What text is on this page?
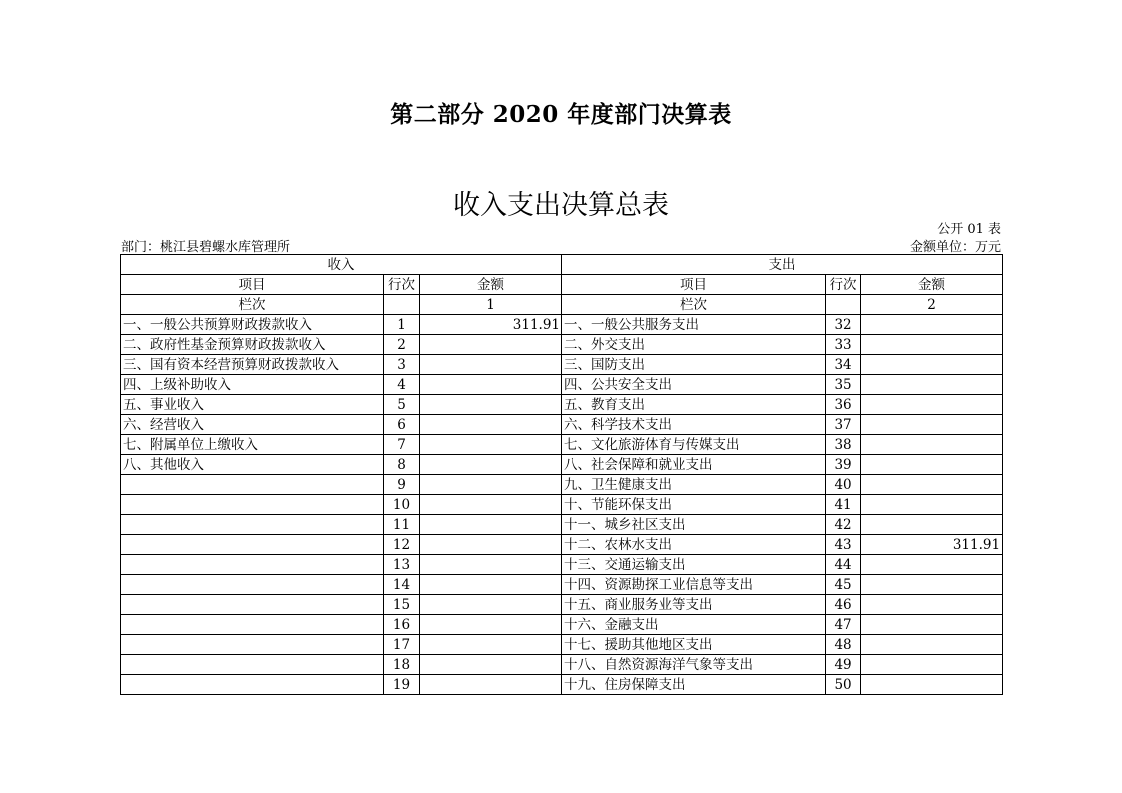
第二部分 2020 年度部门决算表
收入支出决算总表
公开 01 表
部门：桃江县碧螺水库管理所	金额单位：万元
收入			支出		
项目	行次	金额	项目	行次	金额
栏次		1	栏次		2
一、一般公共预算财政拨款收入	1	311.91	一、一般公共服务支出	32	
二、政府性基金预算财政拨款收入	2		二、外交支出	33	
三、国有资本经营预算财政拨款收入	3		三、国防支出	34	
四、上级补助收入	4		四、公共安全支出	35	
五、事业收入	5		五、教育支出	36	
六、经营收入	6		六、科学技术支出	37	
七、附属单位上缴收入	7		七、文化旅游体育与传媒支出	38	
八、其他收入	8		八、社会保障和就业支出	39	
	9		九、卫生健康支出	40	
	10		十、节能环保支出	41	
	11		十一、城乡社区支出	42	
	12		十二、农林水支出	43	311.91
	13		十三、交通运输支出	44	
	14		十四、资源勘探工业信息等支出	45	
	15		十五、商业服务业等支出	46	
	16		十六、金融支出	47	
	17		十七、援助其他地区支出	48	
	18		十八、自然资源海洋气象等支出	49	
	19		十九、住房保障支出	50	
